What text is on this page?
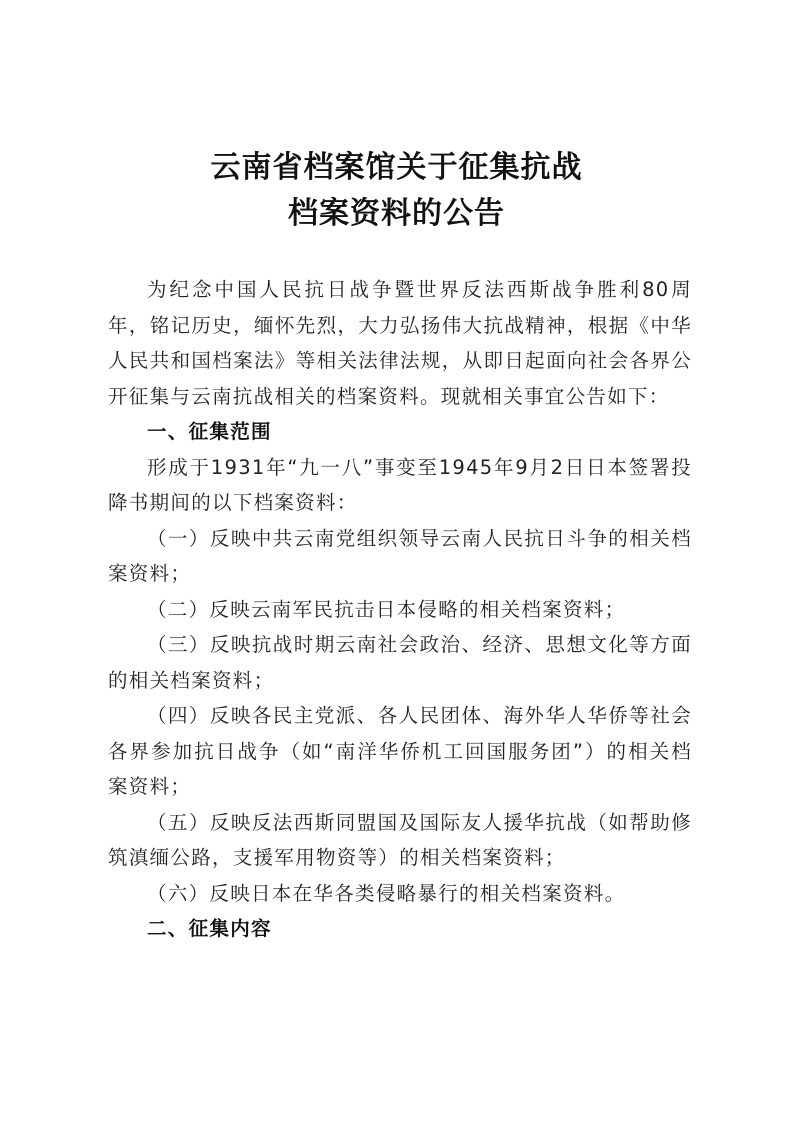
云南省档案馆关于征集抗战
档案资料的公告

为纪念中国人民抗日战争暨世界反法西斯战争胜利80周年，铭记历史，缅怀先烈，大力弘扬伟大抗战精神，根据《中华人民共和国档案法》等相关法律法规，从即日起面向社会各界公开征集与云南抗战相关的档案资料。现就相关事宜公告如下：

一、征集范围

形成于1931年“九一八”事变至1945年9月2日日本签署投降书期间的以下档案资料：

（一）反映中共云南党组织领导云南人民抗日斗争的相关档案资料；

（二）反映云南军民抗击日本侵略的相关档案资料；

（三）反映抗战时期云南社会政治、经济、思想文化等方面的相关档案资料；

（四）反映各民主党派、各人民团体、海外华人华侨等社会各界参加抗日战争（如“南洋华侨机工回国服务团”）的相关档案资料；

（五）反映反法西斯同盟国及国际友人援华抗战（如帮助修筑滇缅公路，支援军用物资等）的相关档案资料；

（六）反映日本在华各类侵略暴行的相关档案资料。

二、征集内容
